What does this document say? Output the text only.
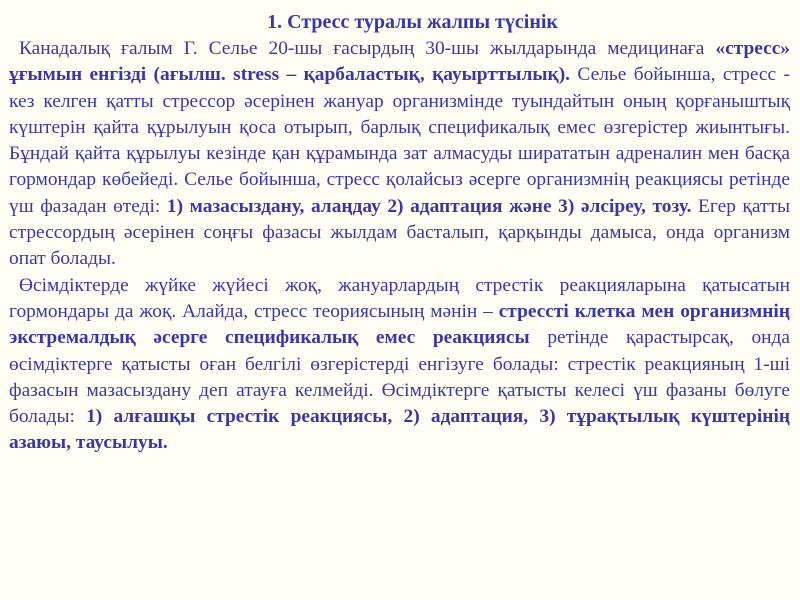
1. Стресс туралы жалпы түсінік

Канадалық ғалым Г. Селье 20-шы ғасырдың 30-шы жылдарында медицинаға «стресс» ұғымын енгізді (ағылш. stress – қарбаластық, қауырттылық). Селье бойынша, стресс - кез келген қатты стрессор әсерінен жануар организмінде туындайтын оның қорғаныштық күштерін қайта құрылуын қоса отырып, барлық спецификалық емес өзгерістер жиынтығы. Бұндай қайта құрылуы кезінде қан құрамында зат алмасуды ширатaтын адреналин мен басқа гормондар көбейеді. Селье бойынша, стресс қолайсыз әсерге организмнің реакциясы ретінде үш фазадан өтеді: 1) мазасыздану, алаңдау 2) адаптация және 3) әлсіреу, тозу. Егер қатты стрессордың әсерінен соңғы фазасы жылдам басталып, қарқынды дамыса, онда организм опат болады.

Өсімдіктерде жүйке жүйесі жоқ, жануарлардың стрестік реакцияларына қатысатын гормондары да жоқ. Алайда, стресс теориясының мәнін – стрессті клетка мен организмнің экстремалдық әсерге спецификалық емес реакциясы ретінде қарастырсақ, онда өсімдіктерге қатысты оған белгілі өзгерістерді енгізуге болады: стрестік реакцияның 1-ші фазасын мазасыздану деп атауға келмейді. Өсімдіктерге қатысты келесі үш фазаны бөлуге болады: 1) алғашқы стрестік реакциясы, 2) адаптация, 3) тұрақтылық күштерінің азаюы, таусылуы.
